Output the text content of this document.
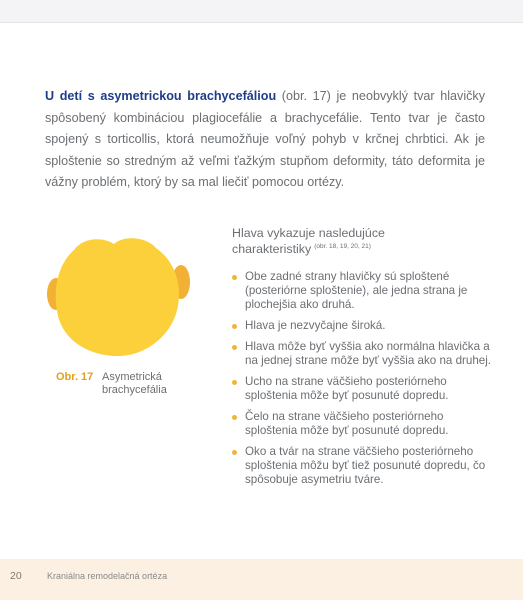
U detí s asymetrickou brachycefáliou (obr. 17) je neobvyklý tvar hlavičky spôsobený kombináciou plagiocefálie a brachycefálie. Tento tvar je často spojený s torticollis, ktorá neumožňuje voľný pohyb v krčnej chrbtici. Ak je sploštenie so stredným až veľmi ťažkým stupňom deformity, táto deformita je vážny problém, ktorý by sa mal liečiť pomocou ortézy.

Obr. 17 Asymetrická brachycefália

Hlava vykazuje nasledujúce charakteristiky $^{(obr. 18, 19, 20, 21)}$

Obe zadné strany hlavičky sú sploštené (posteriórne sploštenie), ale jedna strana je plochejšia ako druhá.
Hlava je nezvyčajne široká.
Hlava môže byť vyššia ako normálna hlavička a na jednej strane môže byť vyššia ako na druhej.
Ucho na strane väčšieho posteriórneho sploštenia môže byť posunuté dopredu.
Čelo na strane väčšieho posteriórneho sploštenia môže byť posunuté dopredu.
Oko a tvár na strane väčšieho posteriórneho sploštenia môžu byť tiež posunuté dopredu, čo spôsobuje asymetriu tváre.
20	Kraniálna remodelačná ortéza
